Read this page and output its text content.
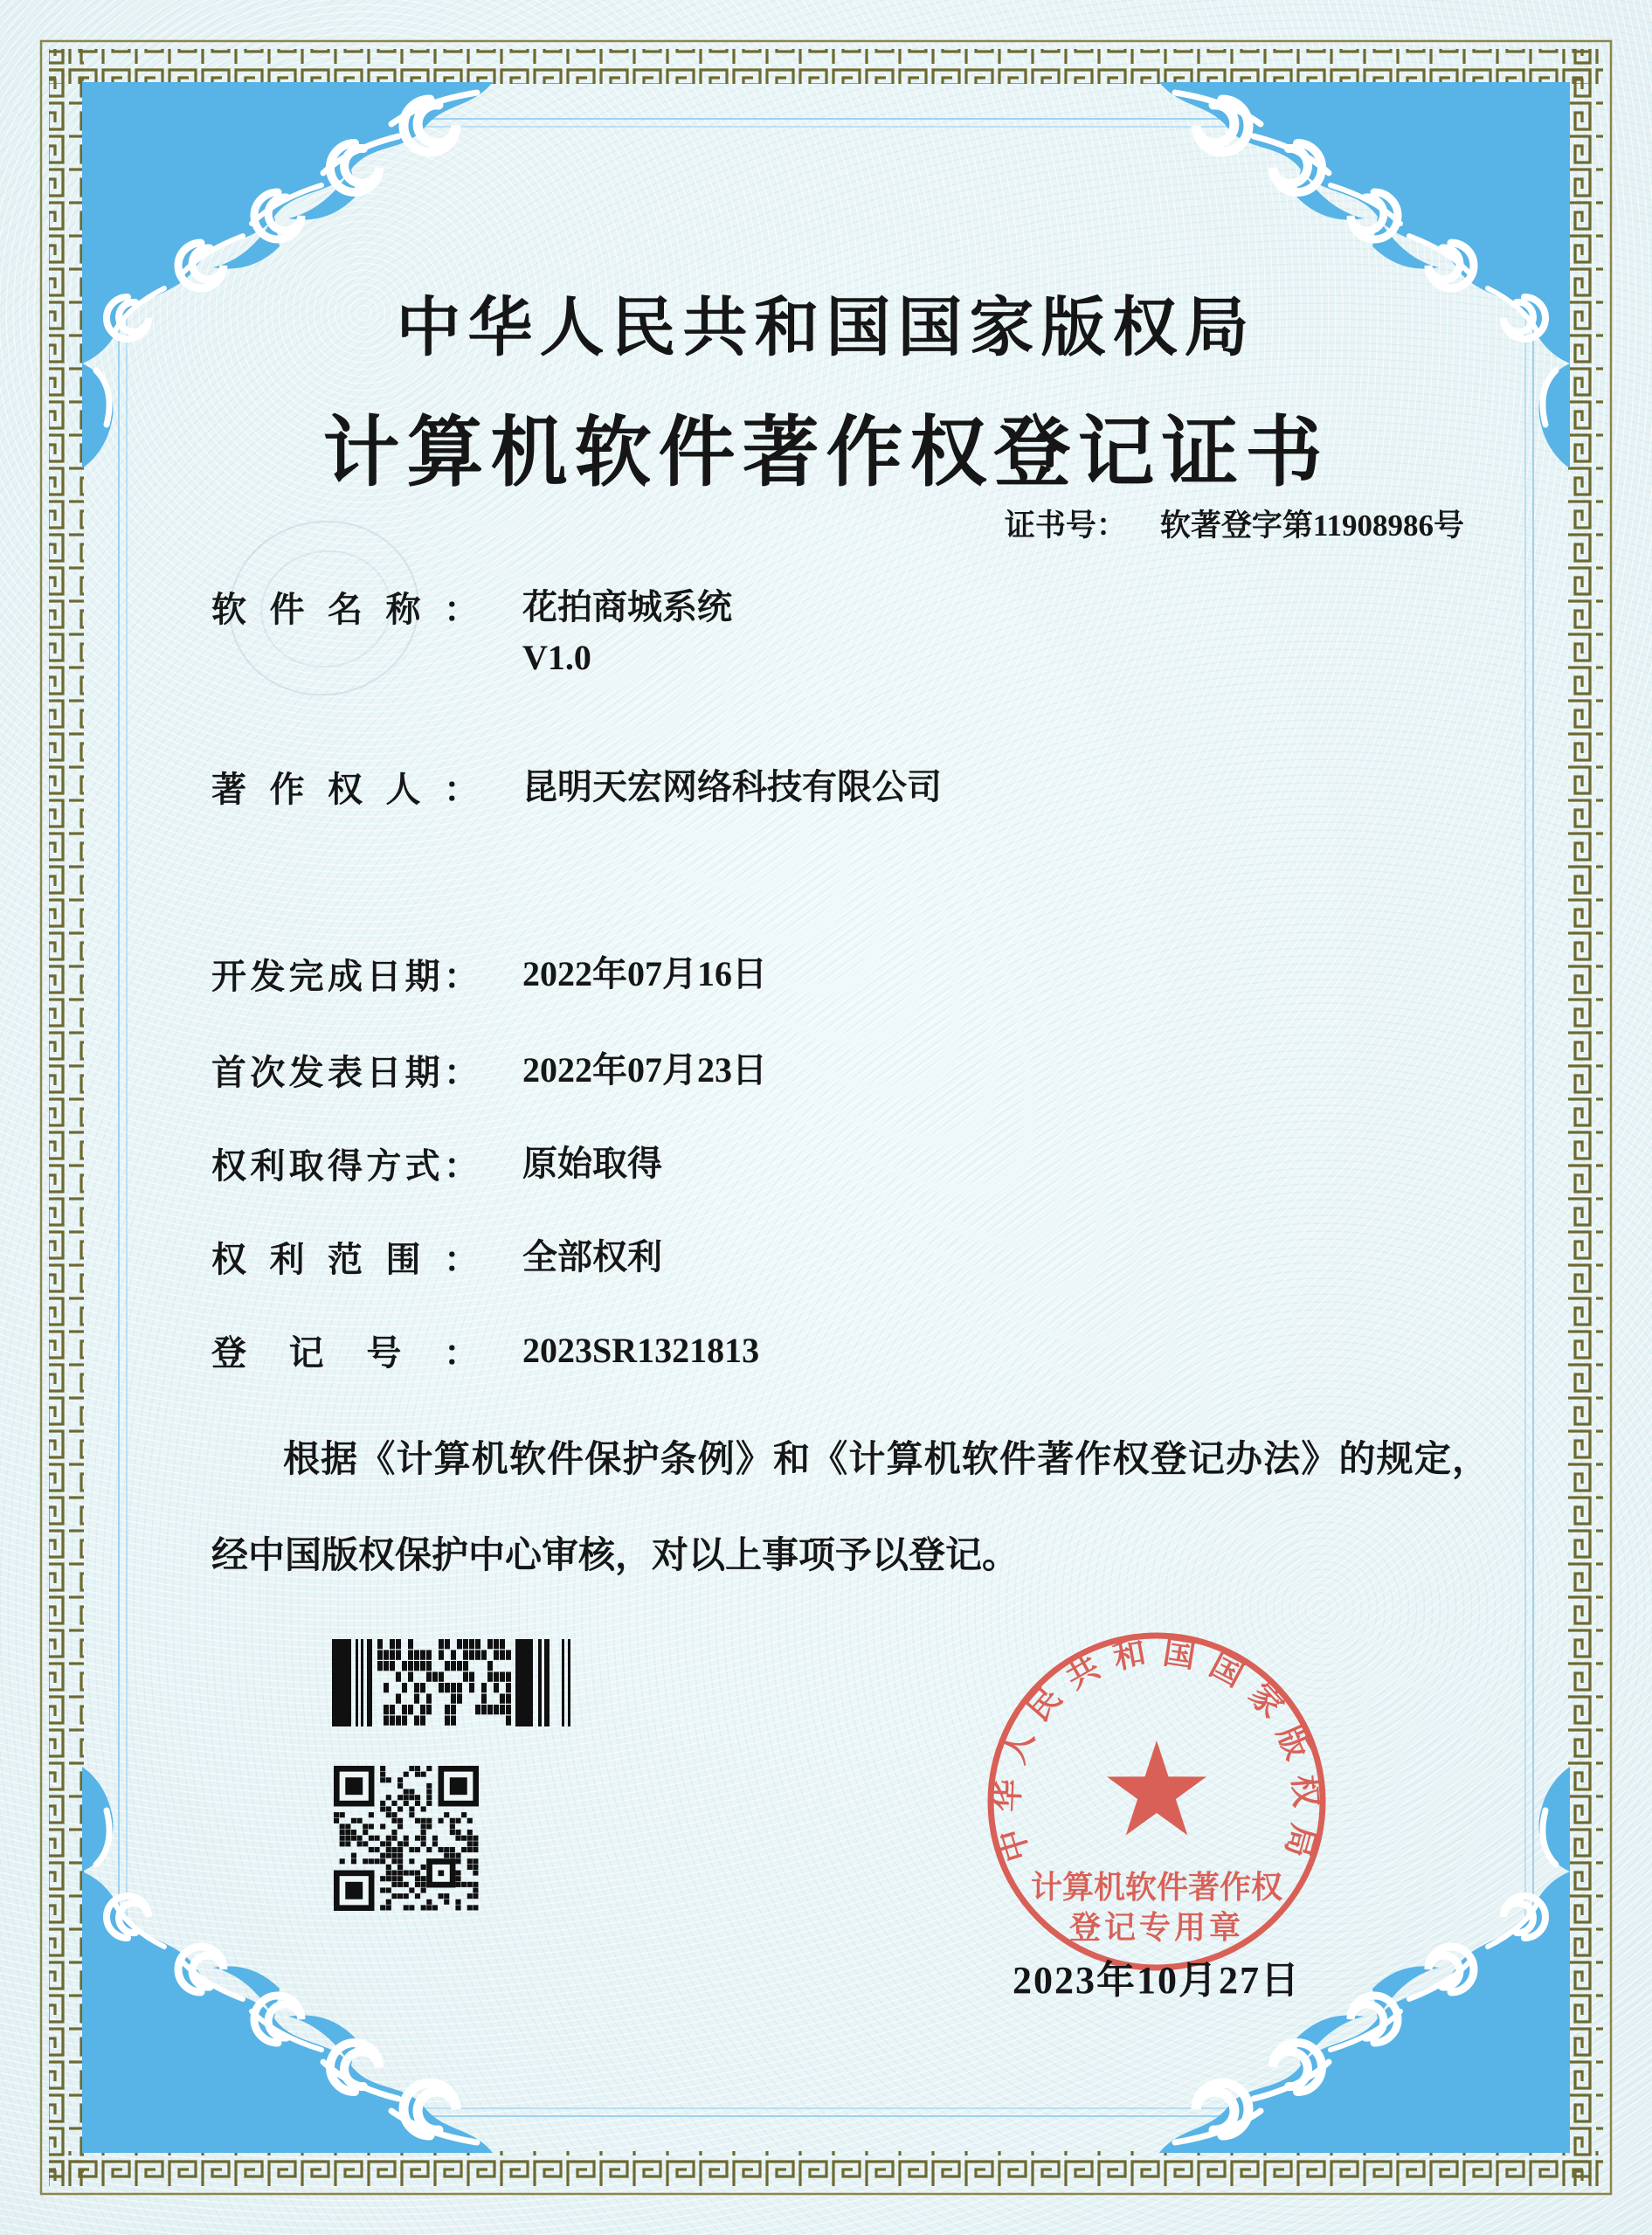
中华人民共和国国家版权局
计算机软件著作权登记证书
证书号： 软著登字第11908986号
软件名称： 花拍商城系统
V1.0
著作权人： 昆明天宏网络科技有限公司
开发完成日期： 2022年07月16日
首次发表日期： 2022年07月23日
权利取得方式： 原始取得
权利范围： 全部权利
登记号： 2023SR1321813
根据《计算机软件保护条例》和《计算机软件著作权登记办法》的规定，经中国版权保护中心审核，对以上事项予以登记。
中华人民共和国国家版权局
计算机软件著作权
登记专用章
2023年10月27日
